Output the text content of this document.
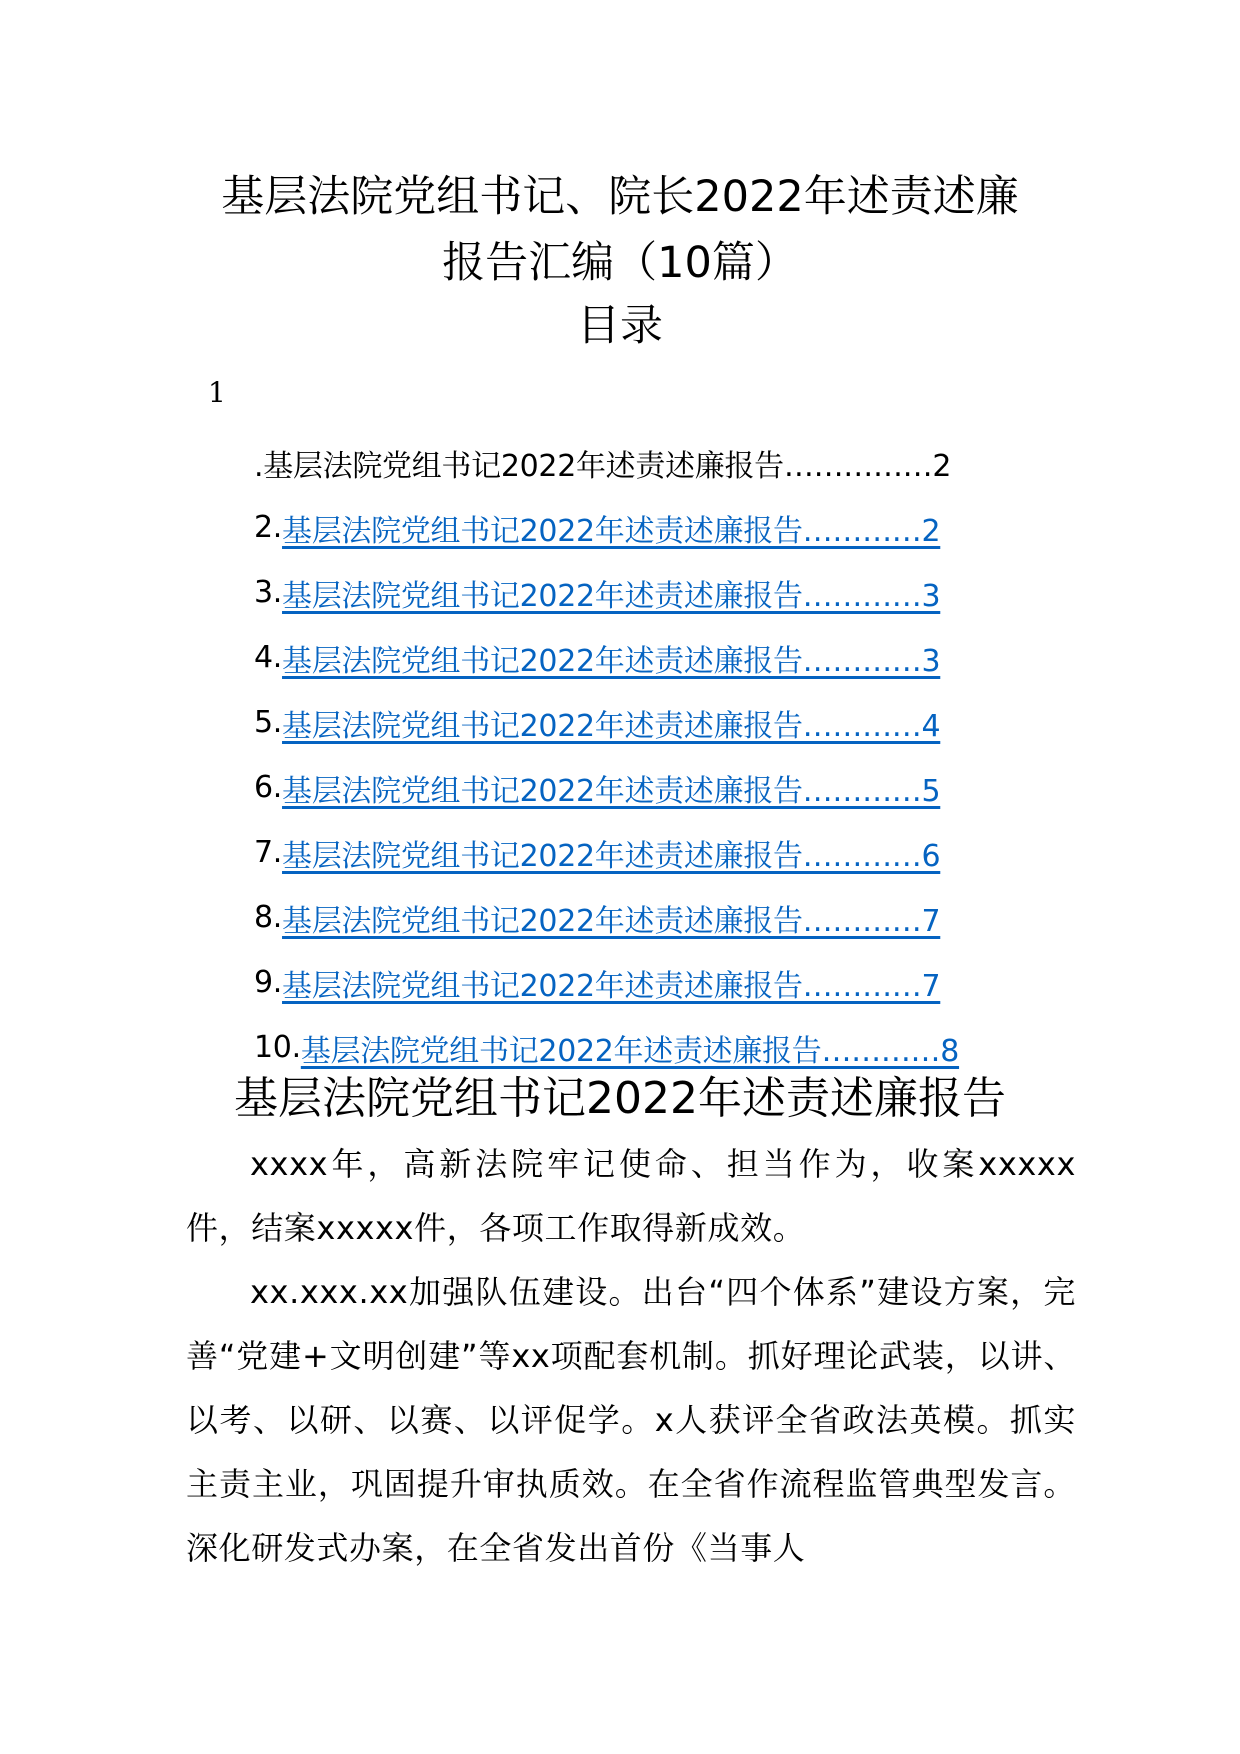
基层法院党组书记、院长2022年述责述廉
报告汇编（10篇）
目录
1
.基层法院党组书记2022年述责述廉报告……………2
2. 基层法院党组书记2022年述责述廉报告…………2
3. 基层法院党组书记2022年述责述廉报告…………3
4. 基层法院党组书记2022年述责述廉报告…………3
5. 基层法院党组书记2022年述责述廉报告…………4
6. 基层法院党组书记2022年述责述廉报告…………5
7. 基层法院党组书记2022年述责述廉报告…………6
8. 基层法院党组书记2022年述责述廉报告…………7
9. 基层法院党组书记2022年述责述廉报告…………7
10. 基层法院党组书记2022年述责述廉报告…………8
基层法院党组书记2022年述责述廉报告

xxxx年，高新法院牢记使命、担当作为，收案xxxxx件，结案xxxxx件，各项工作取得新成效。

xx.xxx.xx加强队伍建设。出台“四个体系”建设方案，完善“党建+文明创建”等xx项配套机制。抓好理论武装，以讲、以考、以研、以赛、以评促学。x人获评全省政法英模。抓实主责主业，巩固提升审执质效。在全省作流程监管典型发言。深化研发式办案，在全省发出首份《当事人
